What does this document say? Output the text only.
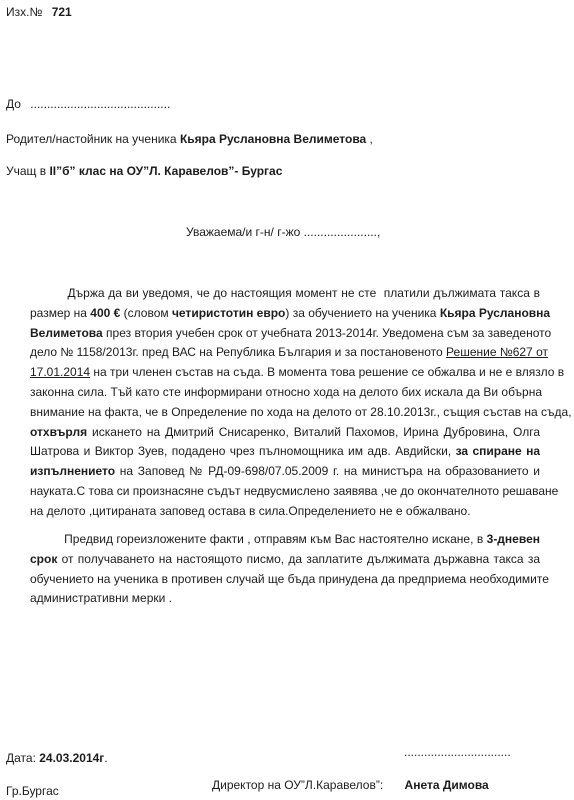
Изх.№ 721
До ..........................................
Родител/настойник на ученика Кьяра Руслановна Велиметова ,
Учащ в II”б” клас на ОУ”Л. Каравелов”- Бургас
Уважаема/и г-н/ г-жо ......................,
Държа да ви уведомя, че до настоящия момент не сте  платили дължимата такса в
размер на 400 € (словом четиристотин евро) за обучението на ученика Кьяра Руслановна
Велиметова през втория учебен срок от учебната 2013-2014г. Уведомена съм за заведеното
дело № 1158/2013г. пред ВАС на Република България и за постановеното Решение №627 от
17.01.2014 на три членен състав на съда. В момента това решение се обжалва и не е влязло в
законна сила. Тъй като сте информирани относно хода на делото бих искала да Ви обърна
внимание на факта, че в Определение по хода на делото от 28.10.2013г., същия състав на съда,
отхвърля искането на Дмитрий Снисаренко, Виталий Пахомов, Ирина Дубровина, Олга
Шатрова и Виктор Зуев, подадено чрез пълномощника им адв. Авдийски, за спиране на
изпълнението на Заповед № РД-09-698/07.05.2009 г. на министъра на образованието и
науката.С това си произнасяне съдът недвусмислено заявява ,че до окончателното решаване
на делото ,цитираната заповед остава в сила.Определението не е обжалвано.
Предвид гореизложените факти , отправям към Вас настоятелно искане, в 3-дневен
срок от получаването на настоящото писмо, да заплатите дължимата държавна такса за
обучението на ученика в противен случай ще бъда принудена да предприема необходимите
административни мерки .
Дата: 24.03.2014г.	................................
Гр.Бургас	Директор на ОУ”Л.Каравелов”: Анета Димова
